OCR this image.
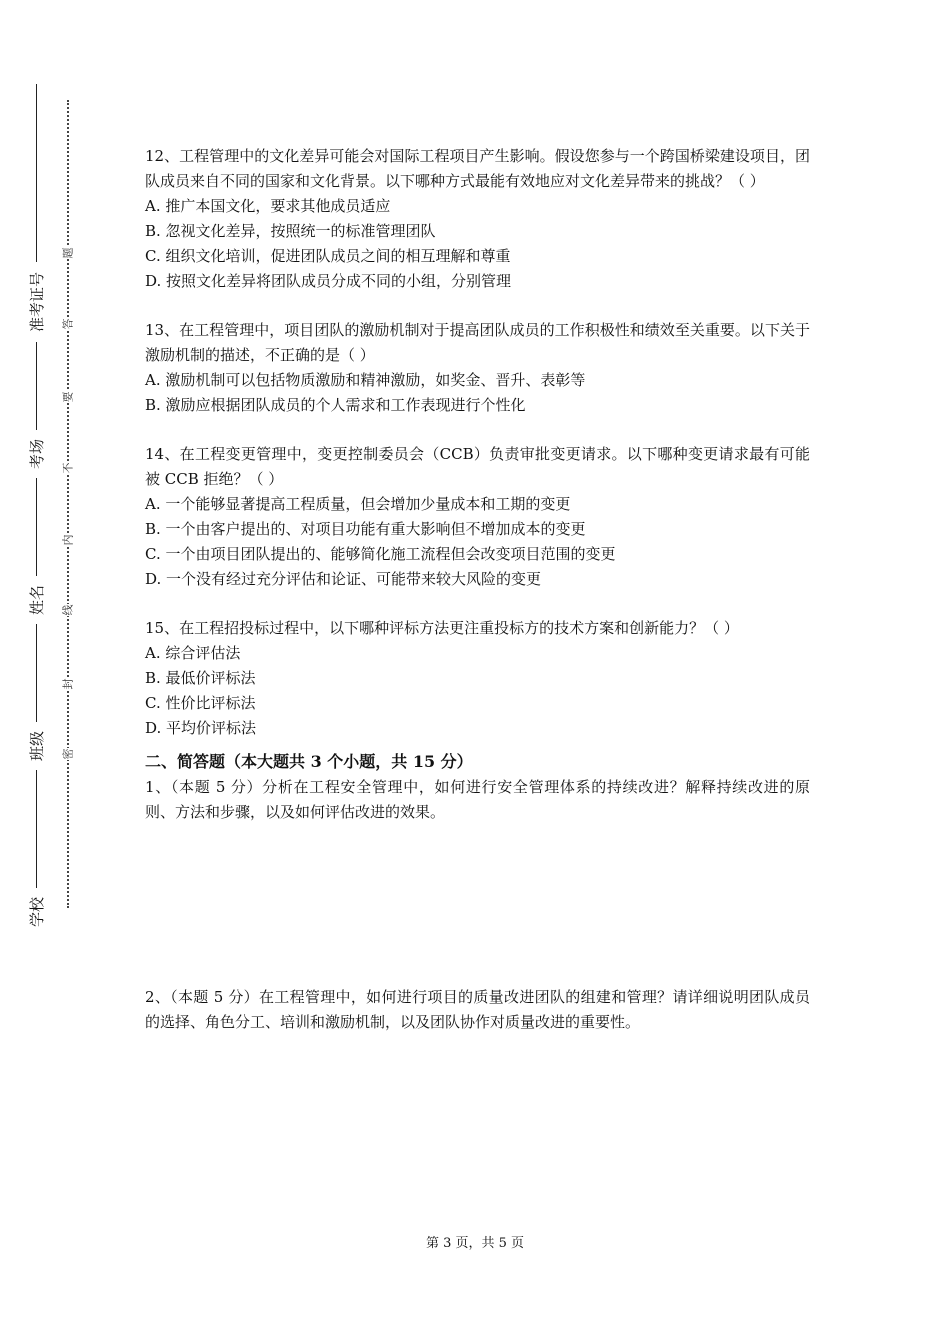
准考证号
考场
姓名
班级
学校
题
答
要
不
内
线
封
密

12、工程管理中的文化差异可能会对国际工程项目产生影响。假设您参与一个跨国桥梁建设项目，团队成员来自不同的国家和文化背景。以下哪种方式最能有效地应对文化差异带来的挑战？（ ）

A. 推广本国文化，要求其他成员适应

B. 忽视文化差异，按照统一的标准管理团队

C. 组织文化培训，促进团队成员之间的相互理解和尊重

D. 按照文化差异将团队成员分成不同的小组，分别管理

13、在工程管理中，项目团队的激励机制对于提高团队成员的工作积极性和绩效至关重要。以下关于激励机制的描述，不正确的是（ ）

A. 激励机制可以包括物质激励和精神激励，如奖金、晋升、表彰等

B. 激励应根据团队成员的个人需求和工作表现进行个性化

14、在工程变更管理中，变更控制委员会（CCB）负责审批变更请求。以下哪种变更请求最有可能被 CCB 拒绝？（ ）

A. 一个能够显著提高工程质量，但会增加少量成本和工期的变更

B. 一个由客户提出的、对项目功能有重大影响但不增加成本的变更

C. 一个由项目团队提出的、能够简化施工流程但会改变项目范围的变更

D. 一个没有经过充分评估和论证、可能带来较大风险的变更

15、在工程招投标过程中，以下哪种评标方法更注重投标方的技术方案和创新能力？（ ）

A. 综合评估法

B. 最低价评标法

C. 性价比评标法

D. 平均价评标法

二、简答题（本大题共 3 个小题，共 15 分）

1、（本题 5 分）分析在工程安全管理中，如何进行安全管理体系的持续改进？解释持续改进的原则、方法和步骤，以及如何评估改进的效果。

2、（本题 5 分）在工程管理中，如何进行项目的质量改进团队的组建和管理？请详细说明团队成员的选择、角色分工、培训和激励机制，以及团队协作对质量改进的重要性。

第 3 页，共 5 页
